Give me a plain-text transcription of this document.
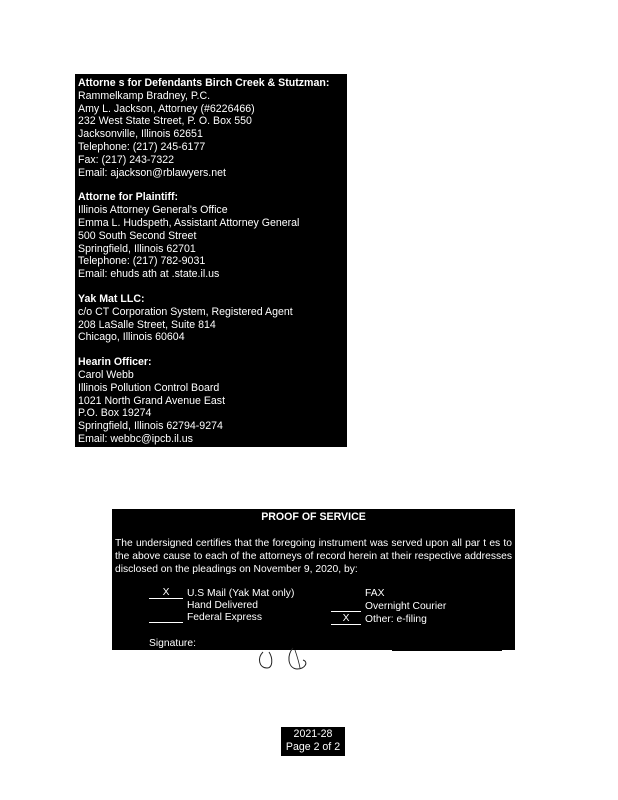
Attorne s for Defendants Birch Creek & Stutzman:
Rammelkamp Bradney, P.C.
Amy L. Jackson, Attorney (#6226466)
232 West State Street, P. O. Box 550
Jacksonville, Illinois 62651
Telephone: (217) 245-6177
Fax: (217) 243-7322
Email: ajackson@rblawyers.net
Attorne for Plaintiff:
Illinois Attorney General's Office
Emma L. Hudspeth, Assistant Attorney General
500 South Second Street
Springfield, Illinois 62701
Telephone: (217) 782-9031
Email: ehuds ath at .state.il.us
Yak Mat LLC:
c/o CT Corporation System, Registered Agent
208 LaSalle Street, Suite 814
Chicago, Illinois 60604
Hearin Officer:
Carol Webb
Illinois Pollution Control Board
1021 North Grand Avenue East
P.O. Box 19274
Springfield, Illinois 62794-9274
Email: webbc@ipcb.il.us
PROOF OF SERVICE
The undersigned certifies that the foregoing instrument was served upon all par t es to the above cause to each of the attorneys of record herein at their respective addresses disclosed on the pleadings on November 9, 2020, by:
X	U.S Mail (Yak Mat only)
Hand Delivered
Federal Express
FAX
Overnight Courier
X	Other: e-filing
Signature:
2021-28
Page 2 of 2
